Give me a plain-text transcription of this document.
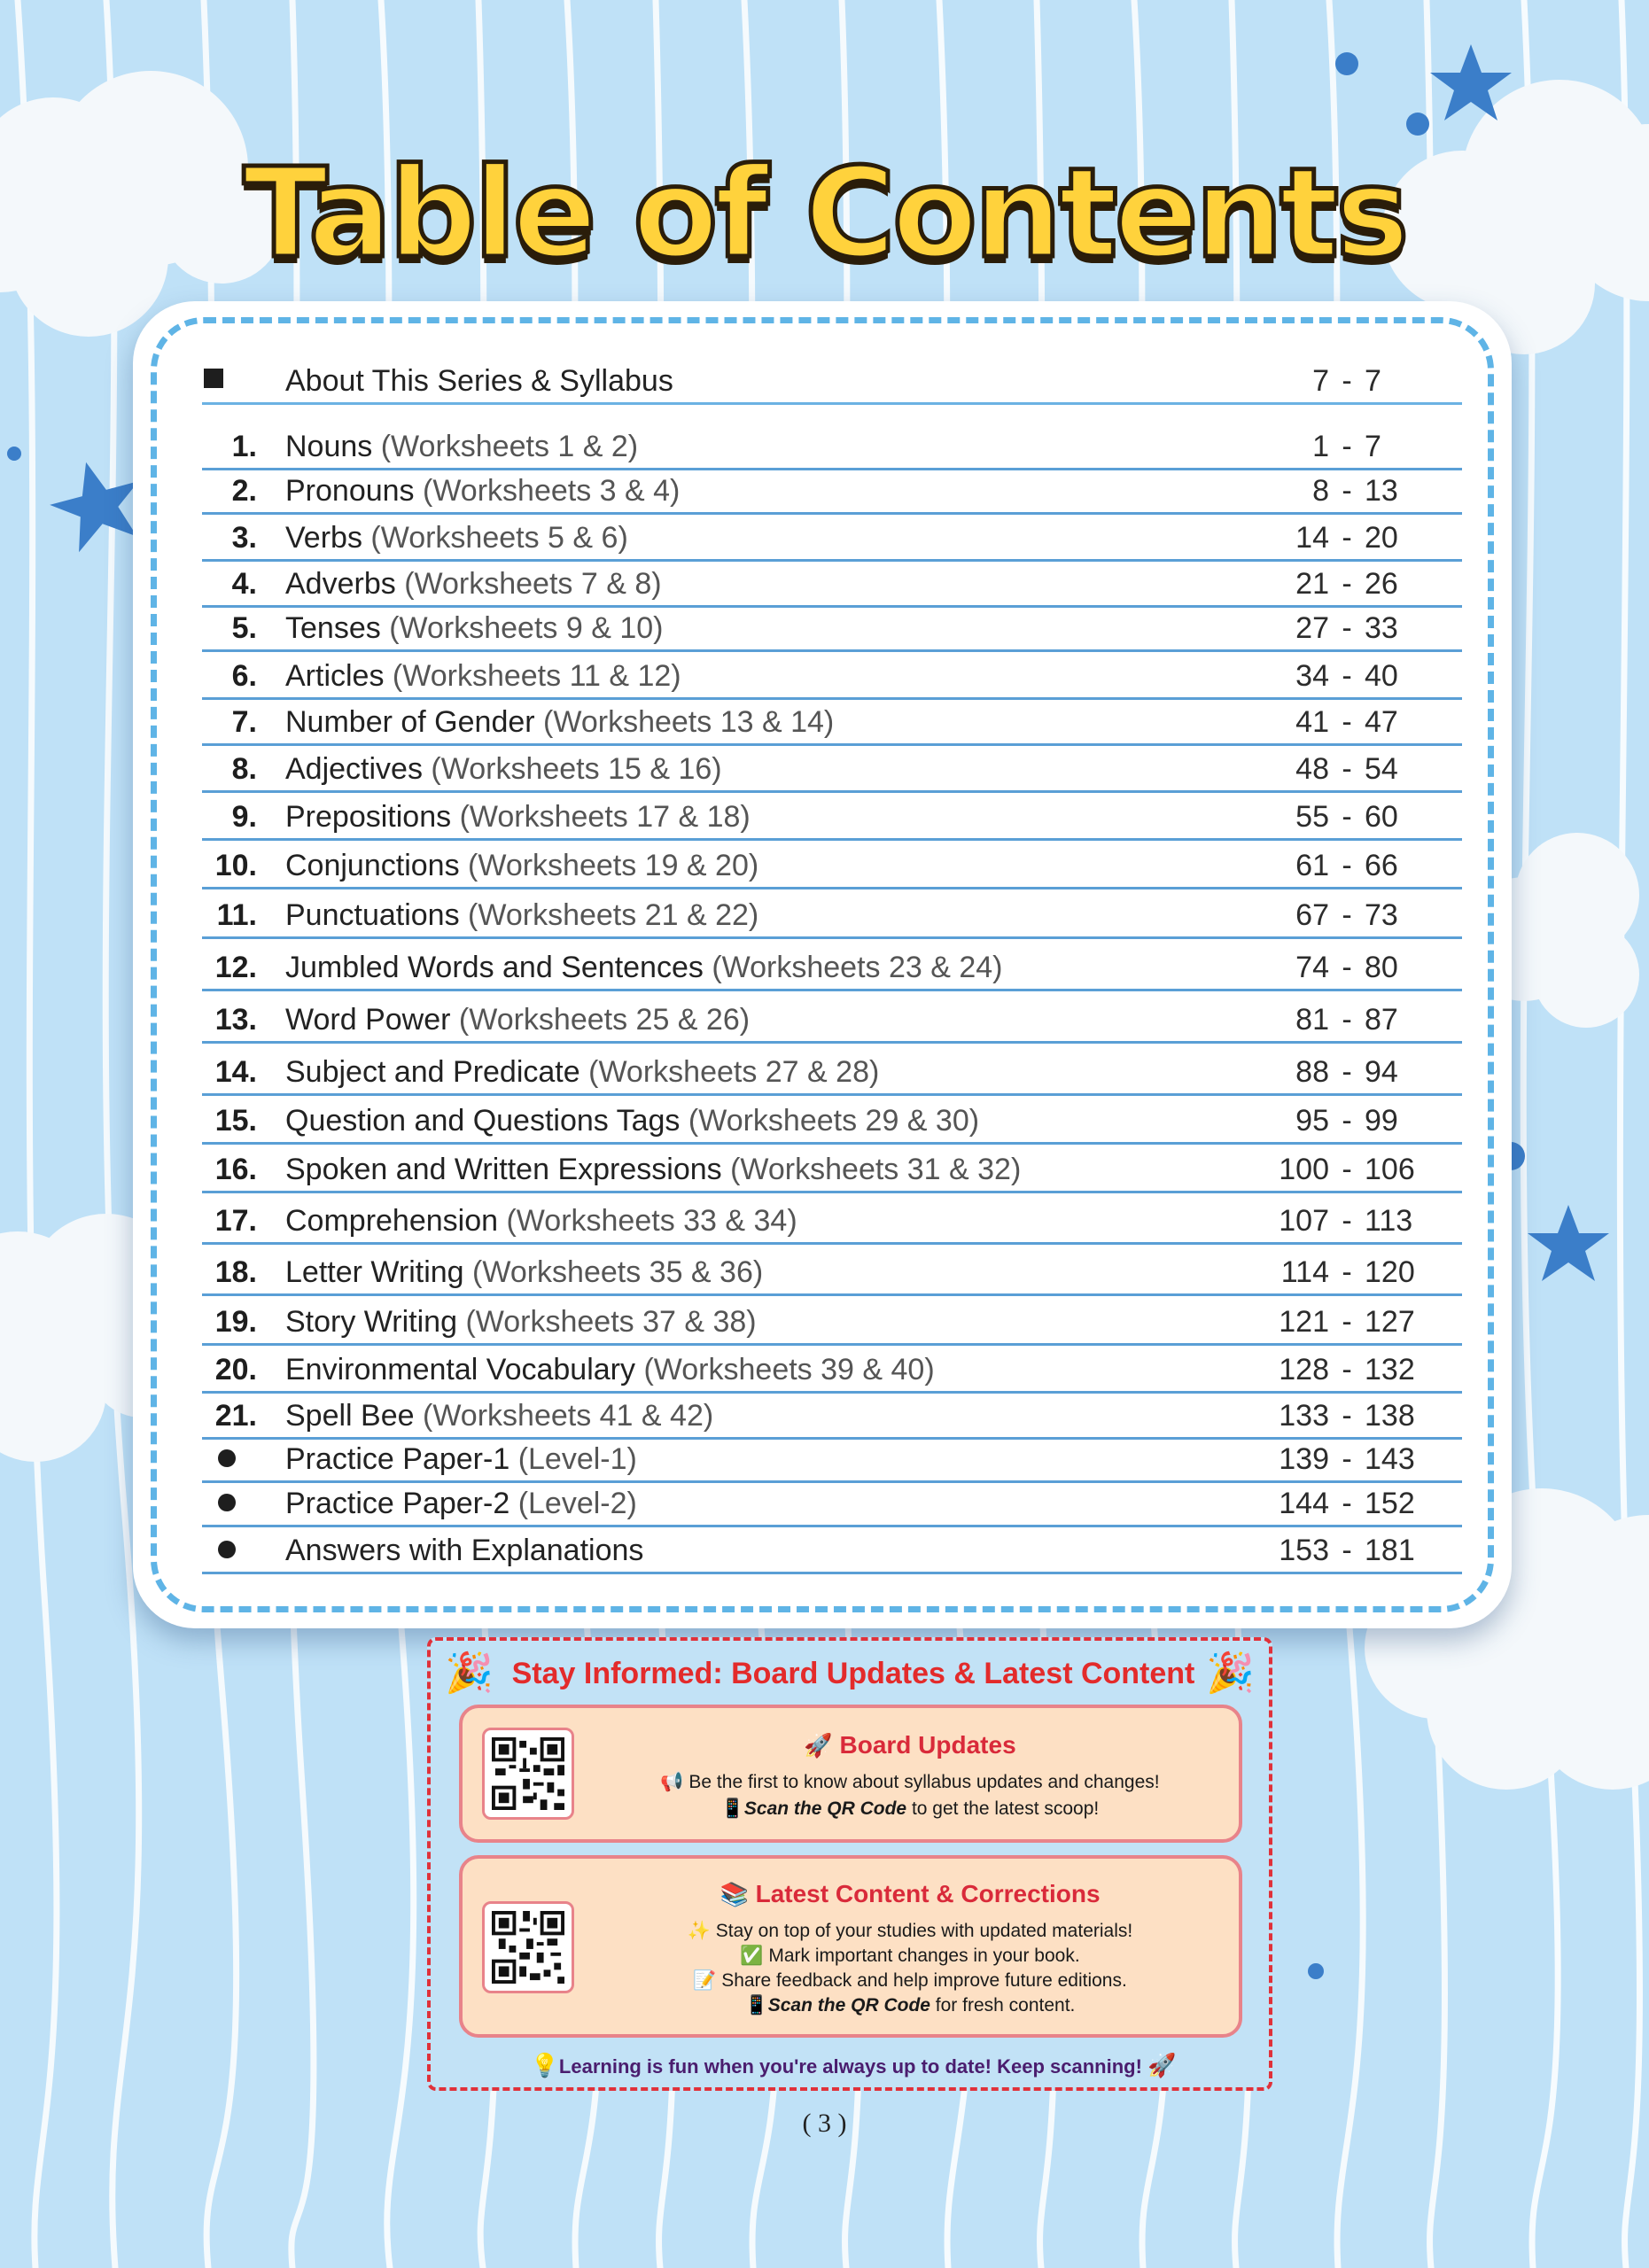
Table of Contents
About This Series & Syllabus	7 - 7
1. Nouns (Worksheets 1 & 2)	1 - 7
2. Pronouns (Worksheets 3 & 4)	8 - 13
3. Verbs (Worksheets 5 & 6)	14 - 20
4. Adverbs (Worksheets 7 & 8)	21 - 26
5. Tenses (Worksheets 9 & 10)	27 - 33
6. Articles (Worksheets 11 & 12)	34 - 40
7. Number of Gender (Worksheets 13 & 14)	41 - 47
8. Adjectives (Worksheets 15 & 16)	48 - 54
9. Prepositions (Worksheets 17 & 18)	55 - 60
10. Conjunctions (Worksheets 19 & 20)	61 - 66
11. Punctuations (Worksheets 21 & 22)	67 - 73
12. Jumbled Words and Sentences (Worksheets 23 & 24)	74 - 80
13. Word Power (Worksheets 25 & 26)	81 - 87
14. Subject and Predicate (Worksheets 27 & 28)	88 - 94
15. Question and Questions Tags (Worksheets 29 & 30)	95 - 99
16. Spoken and Written Expressions (Worksheets 31 & 32)	100 - 106
17. Comprehension (Worksheets 33 & 34)	107 - 113
18. Letter Writing (Worksheets 35 & 36)	114 - 120
19. Story Writing (Worksheets 37 & 38)	121 - 127
20. Environmental Vocabulary (Worksheets 39 & 40)	128 - 132
21. Spell Bee (Worksheets 41 & 42)	133 - 138
Practice Paper-1 (Level-1)	139 - 143
Practice Paper-2 (Level-2)	144 - 152
Answers with Explanations	153 - 181
🎉	🎉
Stay Informed: Board Updates & Latest Content
🚀 Board Updates
📢 Be the first to know about syllabus updates and changes!
📱Scan the QR Code to get the latest scoop!
📚 Latest Content & Corrections
✨ Stay on top of your studies with updated materials!
✅ Mark important changes in your book.
📝 Share feedback and help improve future editions.
📱Scan the QR Code for fresh content.
💡Learning is fun when you're always up to date! Keep scanning! 🚀
( 3 )
